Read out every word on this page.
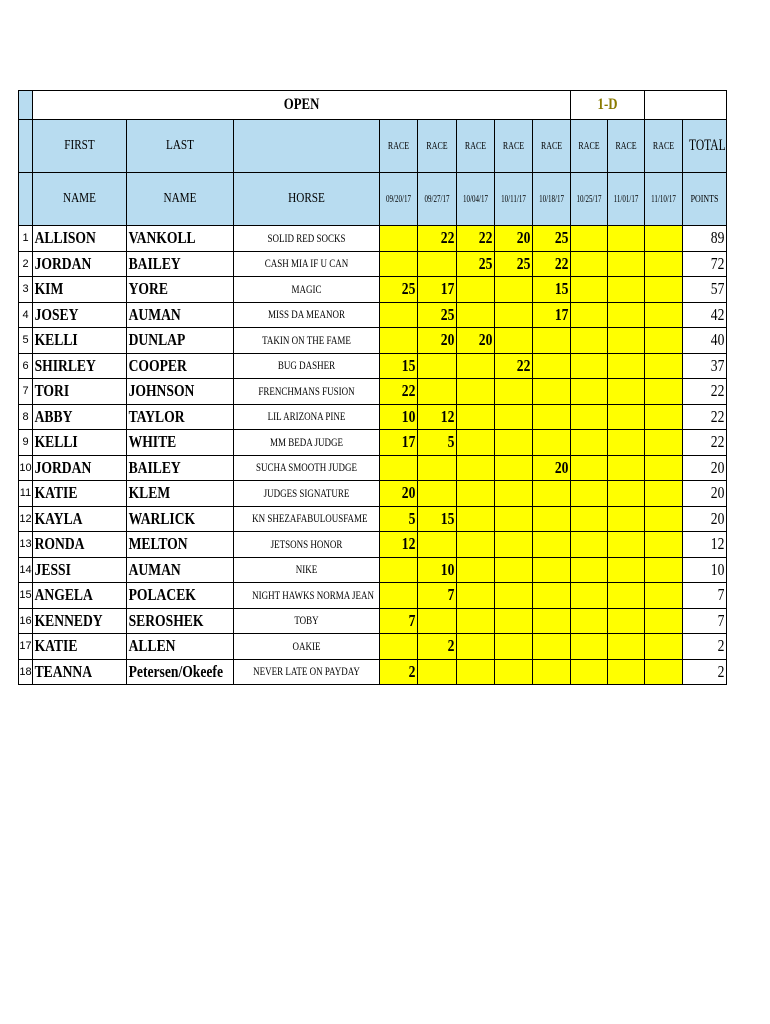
	OPEN								1-D			

	FIRST	LAST		RACE	RACE	RACE	RACE	RACE	RACE	RACE	RACE	TOTAL

	NAME	NAME	HORSE	09/20/17	09/27/17	10/04/17	10/11/17	10/18/17	10/25/17	11/01/17	11/10/17	POINTS

1	ALLISON	VANKOLL	SOLID RED SOCKS		22	22	20	25				89

2	JORDAN	BAILEY	CASH MIA IF U CAN			25	25	22				72

3	KIM	YORE	MAGIC	25	17			15				57

4	JOSEY	AUMAN	MISS DA MEANOR		25			17				42

5	KELLI	DUNLAP	TAKIN ON THE FAME		20	20						40

6	SHIRLEY	COOPER	BUG DASHER	15			22					37

7	TORI	JOHNSON	FRENCHMANS FUSION	22								22

8	ABBY	TAYLOR	LIL ARIZONA PINE	10	12							22

9	KELLI	WHITE	MM BEDA JUDGE	17	5							22

10	JORDAN	BAILEY	SUCHA SMOOTH JUDGE					20				20

11	KATIE	KLEM	JUDGES SIGNATURE	20								20

12	KAYLA	WARLICK	KN SHEZAFABULOUSFAME	5	15							20

13	RONDA	MELTON	JETSONS HONOR	12								12

14	JESSI	AUMAN	NIKE		10							10

15	ANGELA	POLACEK	NIGHT HAWKS NORMA JEAN		7							7

16	KENNEDY	SEROSHEK	TOBY	7								7

17	KATIE	ALLEN	OAKIE		2							2

18	TEANNA	Petersen/Okeefe	NEVER LATE ON PAYDAY	2								2
